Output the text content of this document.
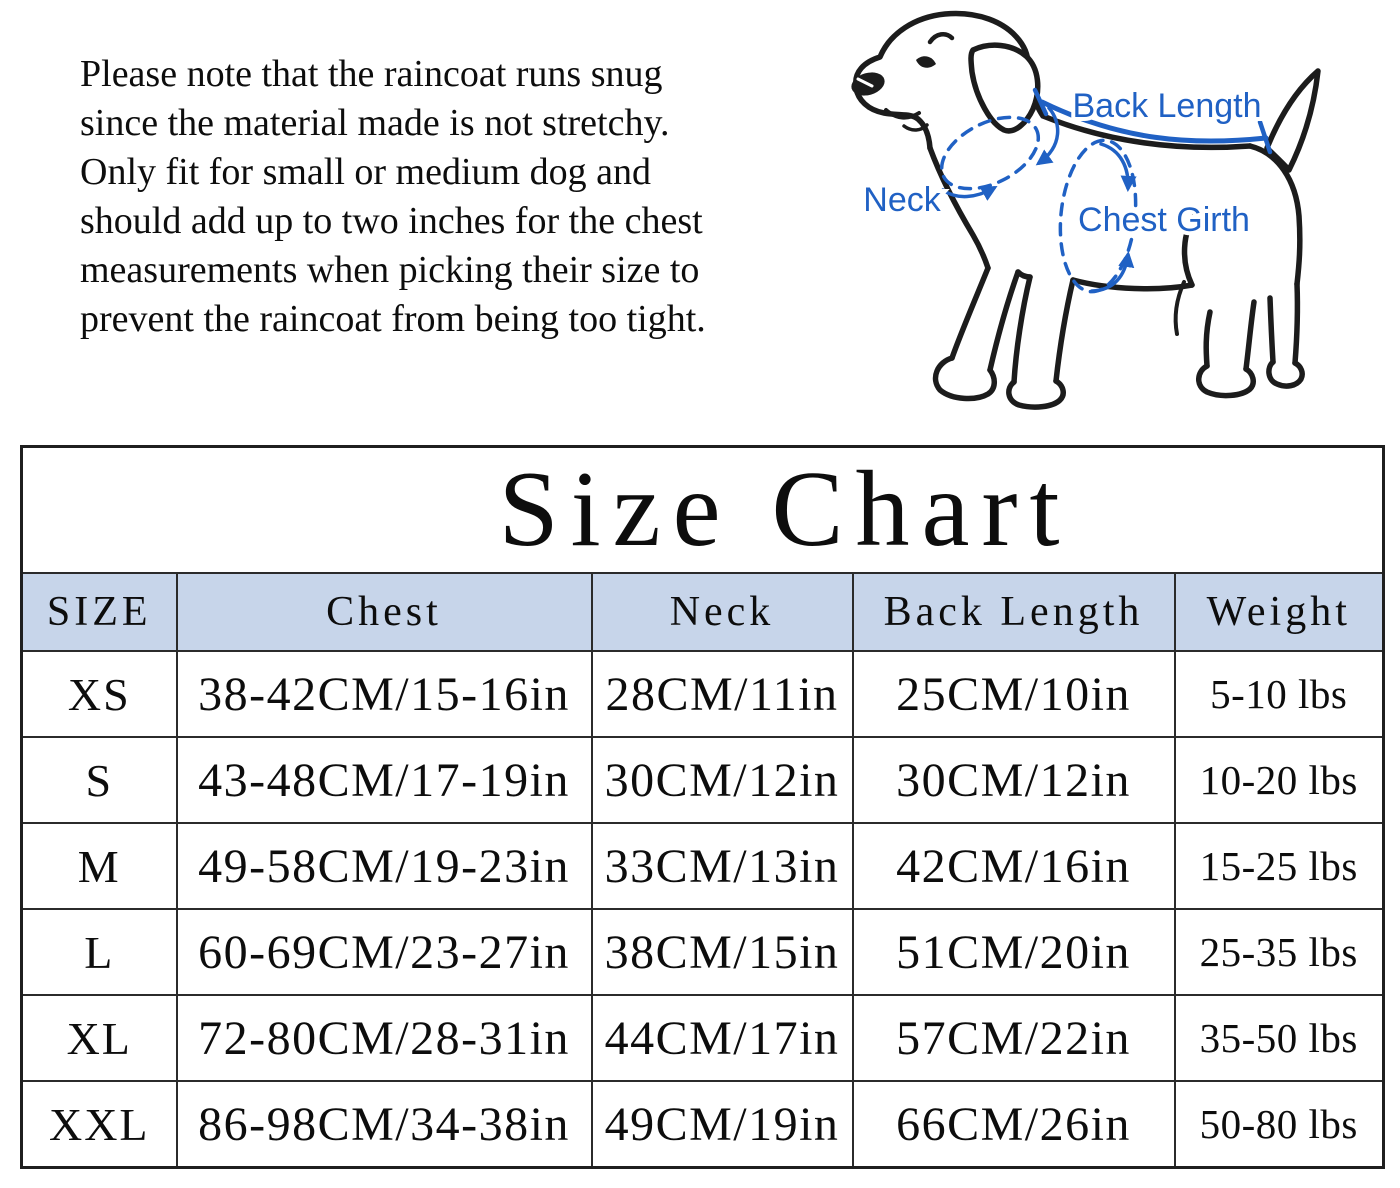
Please note that the raincoat runs snug
since the material made is not stretchy.
Only fit for small or medium dog and
should add up to two inches for the chest
measurements when picking their size to
prevent the raincoat from being too tight.
Back Length
Neck
Chest Girth
Size Chart				
SIZE	Chest	Neck	Back Length	Weight
XS	38-42CM/15-16in	28CM/11in	25CM/10in	5-10 lbs
S	43-48CM/17-19in	30CM/12in	30CM/12in	10-20 lbs
M	49-58CM/19-23in	33CM/13in	42CM/16in	15-25 lbs
L	60-69CM/23-27in	38CM/15in	51CM/20in	25-35 lbs
XL	72-80CM/28-31in	44CM/17in	57CM/22in	35-50 lbs
XXL	86-98CM/34-38in	49CM/19in	66CM/26in	50-80 lbs
